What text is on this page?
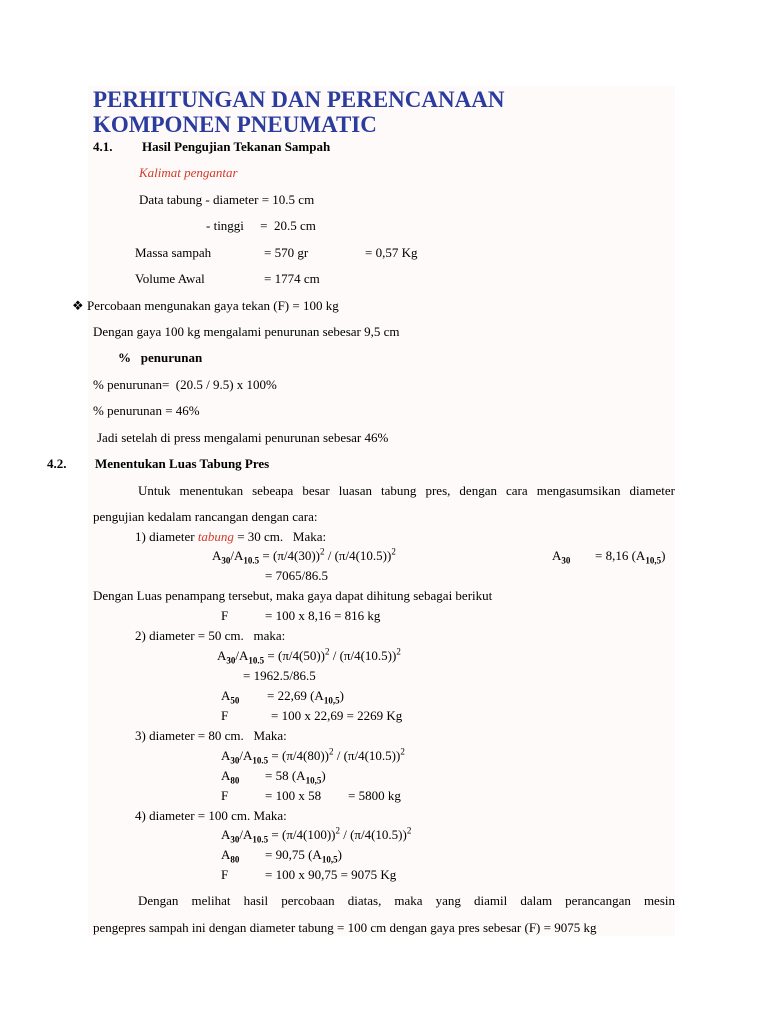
PERHITUNGAN DAN PERENCANAAN
KOMPONEN PNEUMATIC
4.1. Hasil Pengujian Tekanan Sampah
Kalimat pengantar
Data tabung - diameter = 10.5 cm
- tinggi     =  20.5 cm
Massa sampah	= 570 gr	= 0,57 Kg
Volume Awal	= 1774 cm
❖ Percobaan mengunakan gaya tekan (F) = 100 kg
Dengan gaya 100 kg mengalami penurunan sebesar 9,5 cm
%   penurunan
% penurunan=  (20.5 / 9.5) x 100%
% penurunan = 46%
Jadi setelah di press mengalami penurunan sebesar 46%
4.2. Menentukan Luas Tabung Pres
Untuk menentukan sebeapa besar luasan tabung pres, dengan cara mengasumsikan diameter
pengujian kedalam rancangan dengan cara:
1) diameter tabung = 30 cm.   Maka:
$A_{30}/A_{10.5} = (\pi/4(30))^2 / (\pi/4(10.5))^2$	$A_{30} = 8,16$ $(A_{10,5})$
= 7065/86.5
Dengan Luas penampang tersebut, maka gaya dapat dihitung sebagai berikut
F	= 100 x 8,16 = 816 kg
2) diameter = 50 cm.   maka:
$A_{30}/A_{10.5} = (\pi/4(50))^2 / (\pi/4(10.5))^2$
= 1962.5/86.5
$A_{50} = 22,69$ $(A_{10,5})$
F	= 100 x 22,69 = 2269 Kg
3) diameter = 80 cm.   Maka:
$A_{30}/A_{10.5} = (\pi/4(80))^2 / (\pi/4(10.5))^2$
$A_{80} = 58$ $(A_{10,5})$
F	= 100 x 58 = 5800 kg
4) diameter = 100 cm. Maka:
$A_{30}/A_{10.5} = (\pi/4(100))^2 / (\pi/4(10.5))^2$
$A_{80} = 90,75$ $(A_{10,5})$
F	= 100 x 90,75 = 9075 Kg
Dengan melihat hasil percobaan diatas, maka yang diamil dalam perancangan mesin
pengepres sampah ini dengan diameter tabung = 100 cm dengan gaya pres sebesar (F) = 9075 kg
